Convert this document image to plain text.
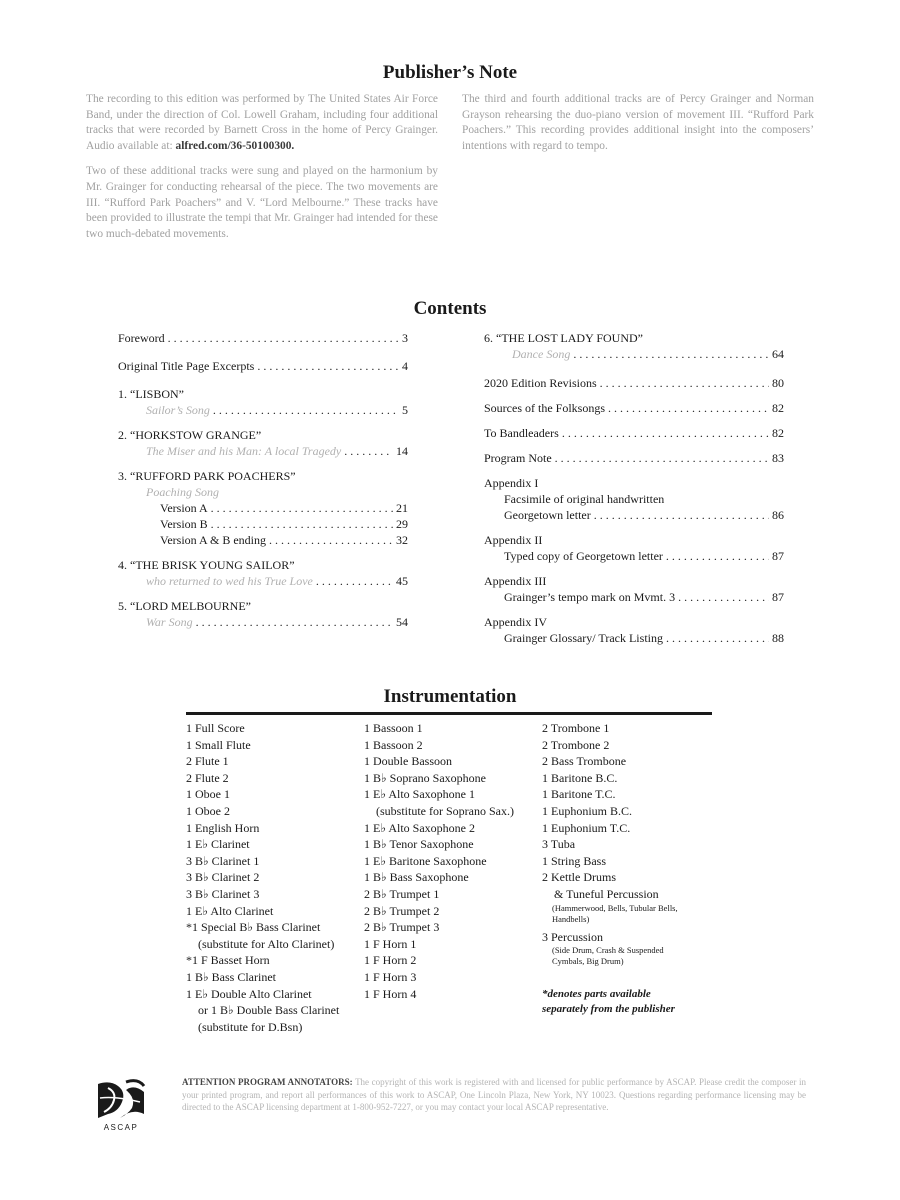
Publisher’s Note

The recording to this edition was performed by The United States Air Force Band, under the direction of Col. Lowell Graham, including four additional tracks that were recorded by Barnett Cross in the home of Percy Grainger. Audio available at: alfred.com/36-50100300.

Two of these additional tracks were sung and played on the harmonium by Mr. Grainger for conducting rehearsal of the piece. The two movements are III. “Rufford Park Poachers” and V. “Lord Melbourne.” These tracks have been provided to illustrate the tempi that Mr. Grainger had intended for these two much-debated movements.

The third and fourth additional tracks are of Percy Grainger and Norman Grayson rehearsing the duo-piano version of movement III. “Rufford Park Poachers.” This recording provides additional insight into the composers’ intentions with regard to tempo.

Contents
Foreword . . .	3
Original Title Page Excerpts . . .	4
1. “LISBON”
Sailor’s Song . . .	5
2. “HORKSTOW GRANGE”
The Miser and his Man: A local Tragedy . . .	14
3. “RUFFORD PARK POACHERS”
Poaching Song
Version A . . .	21
Version B . . .	29
Version A & B ending . . .	32
4. “THE BRISK YOUNG SAILOR”
who returned to wed his True Love . . .	45
5. “LORD MELBOURNE”
War Song . . .	54
6. “THE LOST LADY FOUND”
Dance Song . . .	64
2020 Edition Revisions . . .	80
Sources of the Folksongs . . .	82
To Bandleaders . . .	82
Program Note . . .	83
Appendix I
Facsimile of original handwritten
Georgetown letter . . .	86
Appendix II
Typed copy of Georgetown letter . . .	87
Appendix III
Grainger’s tempo mark on Mvmt. 3 . . .	87
Appendix IV
Grainger Glossary/ Track Listing . . .	88
Instrumentation
1 Full Score
1 Small Flute
2 Flute 1
2 Flute 2
1 Oboe 1
1 Oboe 2
1 English Horn
1 E♭ Clarinet
3 B♭ Clarinet 1
3 B♭ Clarinet 2
3 B♭ Clarinet 3
1 E♭ Alto Clarinet
*1 Special B♭ Bass Clarinet
(substitute for Alto Clarinet)
*1 F Basset Horn
1 B♭ Bass Clarinet
1 E♭ Double Alto Clarinet
or 1 B♭ Double Bass Clarinet
(substitute for D.Bsn)
1 Bassoon 1
1 Bassoon 2
1 Double Bassoon
1 B♭ Soprano Saxophone
1 E♭ Alto Saxophone 1
(substitute for Soprano Sax.)
1 E♭ Alto Saxophone 2
1 B♭ Tenor Saxophone
1 E♭ Baritone Saxophone
1 B♭ Bass Saxophone
2 B♭ Trumpet 1
2 B♭ Trumpet 2
2 B♭ Trumpet 3
1 F Horn 1
1 F Horn 2
1 F Horn 3
1 F Horn 4
2 Trombone 1
2 Trombone 2
2 Bass Trombone
1 Baritone B.C.
1 Baritone T.C.
1 Euphonium B.C.
1 Euphonium T.C.
3 Tuba
1 String Bass
2 Kettle Drums
& Tuneful Percussion
(Hammerwood, Bells, Tubular Bells,
Handbells)
3 Percussion
(Side Drum, Crash & Suspended
Cymbals, Big Drum)
*denotes parts available
separately from the publisher
ASCAP
ATTENTION PROGRAM ANNOTATORS: The copyright of this work is registered with and licensed for public performance by ASCAP. Please credit the composer in your printed program, and report all performances of this work to ASCAP, One Lincoln Plaza, New York, NY 10023. Questions regarding performance licensing may be directed to the ASCAP licensing department at 1-800-952-7227, or you may contact your local ASCAP representative.
